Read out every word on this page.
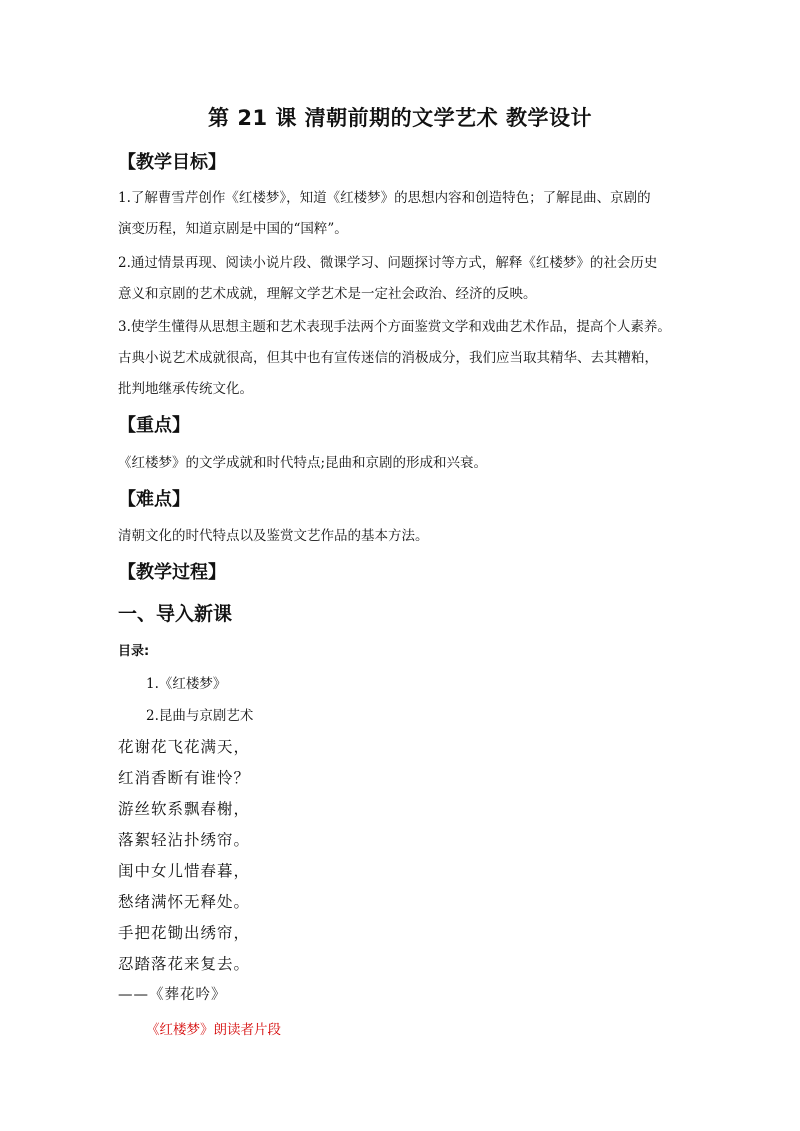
第 21 课 清朝前期的文学艺术 教学设计
【教学目标】
1.了解曹雪芹创作《红楼梦》，知道《红楼梦》的思想内容和创造特色；了解昆曲、京剧的
演变历程，知道京剧是中国的“国粹”。
2.通过情景再现、阅读小说片段、微课学习、问题探讨等方式，解释《红楼梦》的社会历史
意义和京剧的艺术成就，理解文学艺术是一定社会政治、经济的反映。
3.使学生懂得从思想主题和艺术表现手法两个方面鉴赏文学和戏曲艺术作品，提高个人素养。
古典小说艺术成就很高，但其中也有宣传迷信的消极成分，我们应当取其精华、去其糟粕，
批判地继承传统文化。
【重点】
《红楼梦》的文学成就和时代特点;昆曲和京剧的形成和兴衰。
【难点】
清朝文化的时代特点以及鉴赏文艺作品的基本方法。
【教学过程】
一、导入新课
目录:
1.《红楼梦》
2.昆曲与京剧艺术
花谢花飞花满天，
红消香断有谁怜？
游丝软系飘春榭，
落絮轻沾扑绣帘。
闺中女儿惜春暮，
愁绪满怀无释处。
手把花锄出绣帘，
忍踏落花来复去。
——《葬花吟》
《红楼梦》朗读者片段
